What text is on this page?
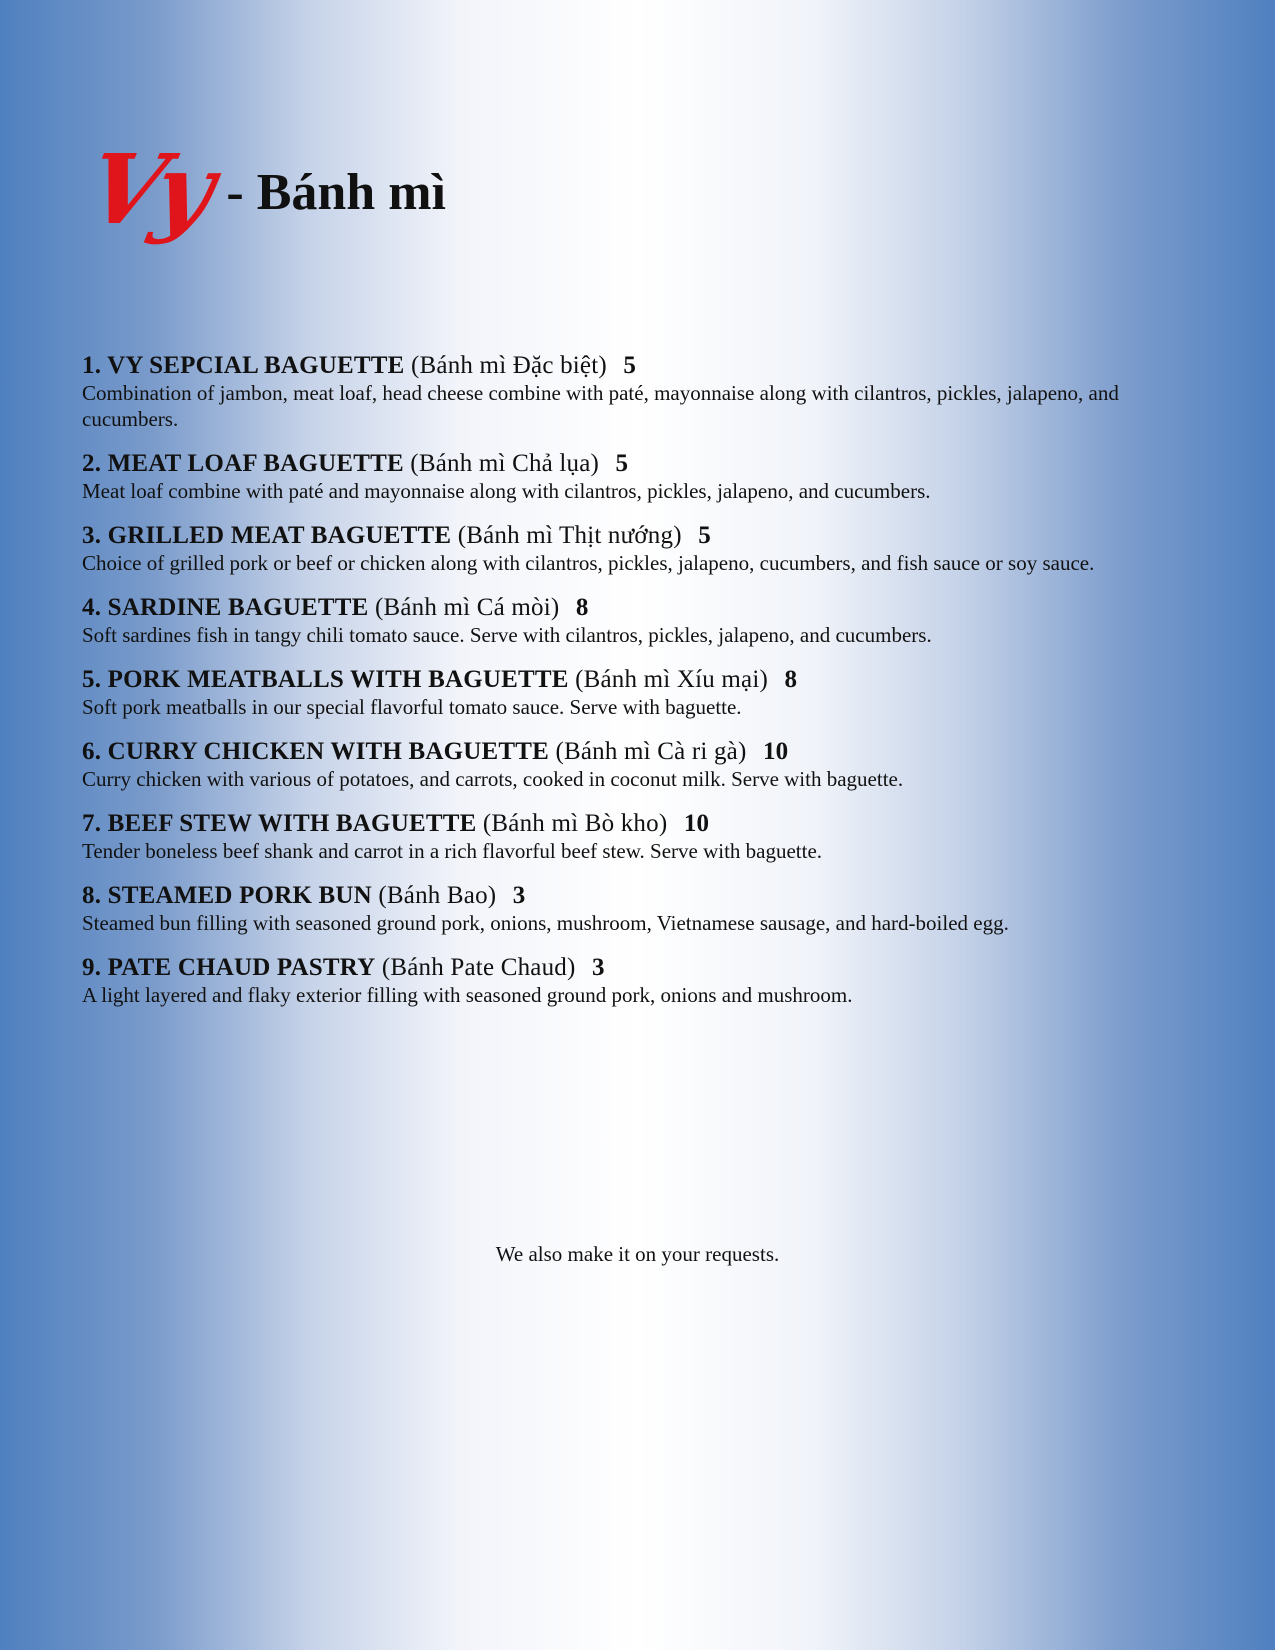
Vy - Bánh mì
1. VY SEPCIAL BAGUETTE (Bánh mì Đặc biệt) 5
Combination of jambon, meat loaf, head cheese combine with paté, mayonnaise along with cilantros, pickles, jalapeno, and cucumbers.
2. MEAT LOAF BAGUETTE (Bánh mì Chả lụa) 5
Meat loaf combine with paté and mayonnaise along with cilantros, pickles, jalapeno, and cucumbers.
3. GRILLED MEAT BAGUETTE (Bánh mì Thịt nướng) 5
Choice of grilled pork or beef or chicken along with cilantros, pickles, jalapeno, cucumbers, and fish sauce or soy sauce.
4. SARDINE BAGUETTE (Bánh mì Cá mòi) 8
Soft sardines fish in tangy chili tomato sauce. Serve with cilantros, pickles, jalapeno, and cucumbers.
5. PORK MEATBALLS WITH BAGUETTE (Bánh mì Xíu mại) 8
Soft pork meatballs in our special flavorful tomato sauce. Serve with baguette.
6. CURRY CHICKEN WITH BAGUETTE (Bánh mì Cà ri gà) 10
Curry chicken with various of potatoes, and carrots, cooked in coconut milk. Serve with baguette.
7. BEEF STEW WITH BAGUETTE (Bánh mì Bò kho) 10
Tender boneless beef shank and carrot in a rich flavorful beef stew. Serve with baguette.
8. STEAMED PORK BUN (Bánh Bao) 3
Steamed bun filling with seasoned ground pork, onions, mushroom, Vietnamese sausage, and hard-boiled egg.
9. PATE CHAUD PASTRY (Bánh Pate Chaud) 3
A light layered and flaky exterior filling with seasoned ground pork, onions and mushroom.
We also make it on your requests.
